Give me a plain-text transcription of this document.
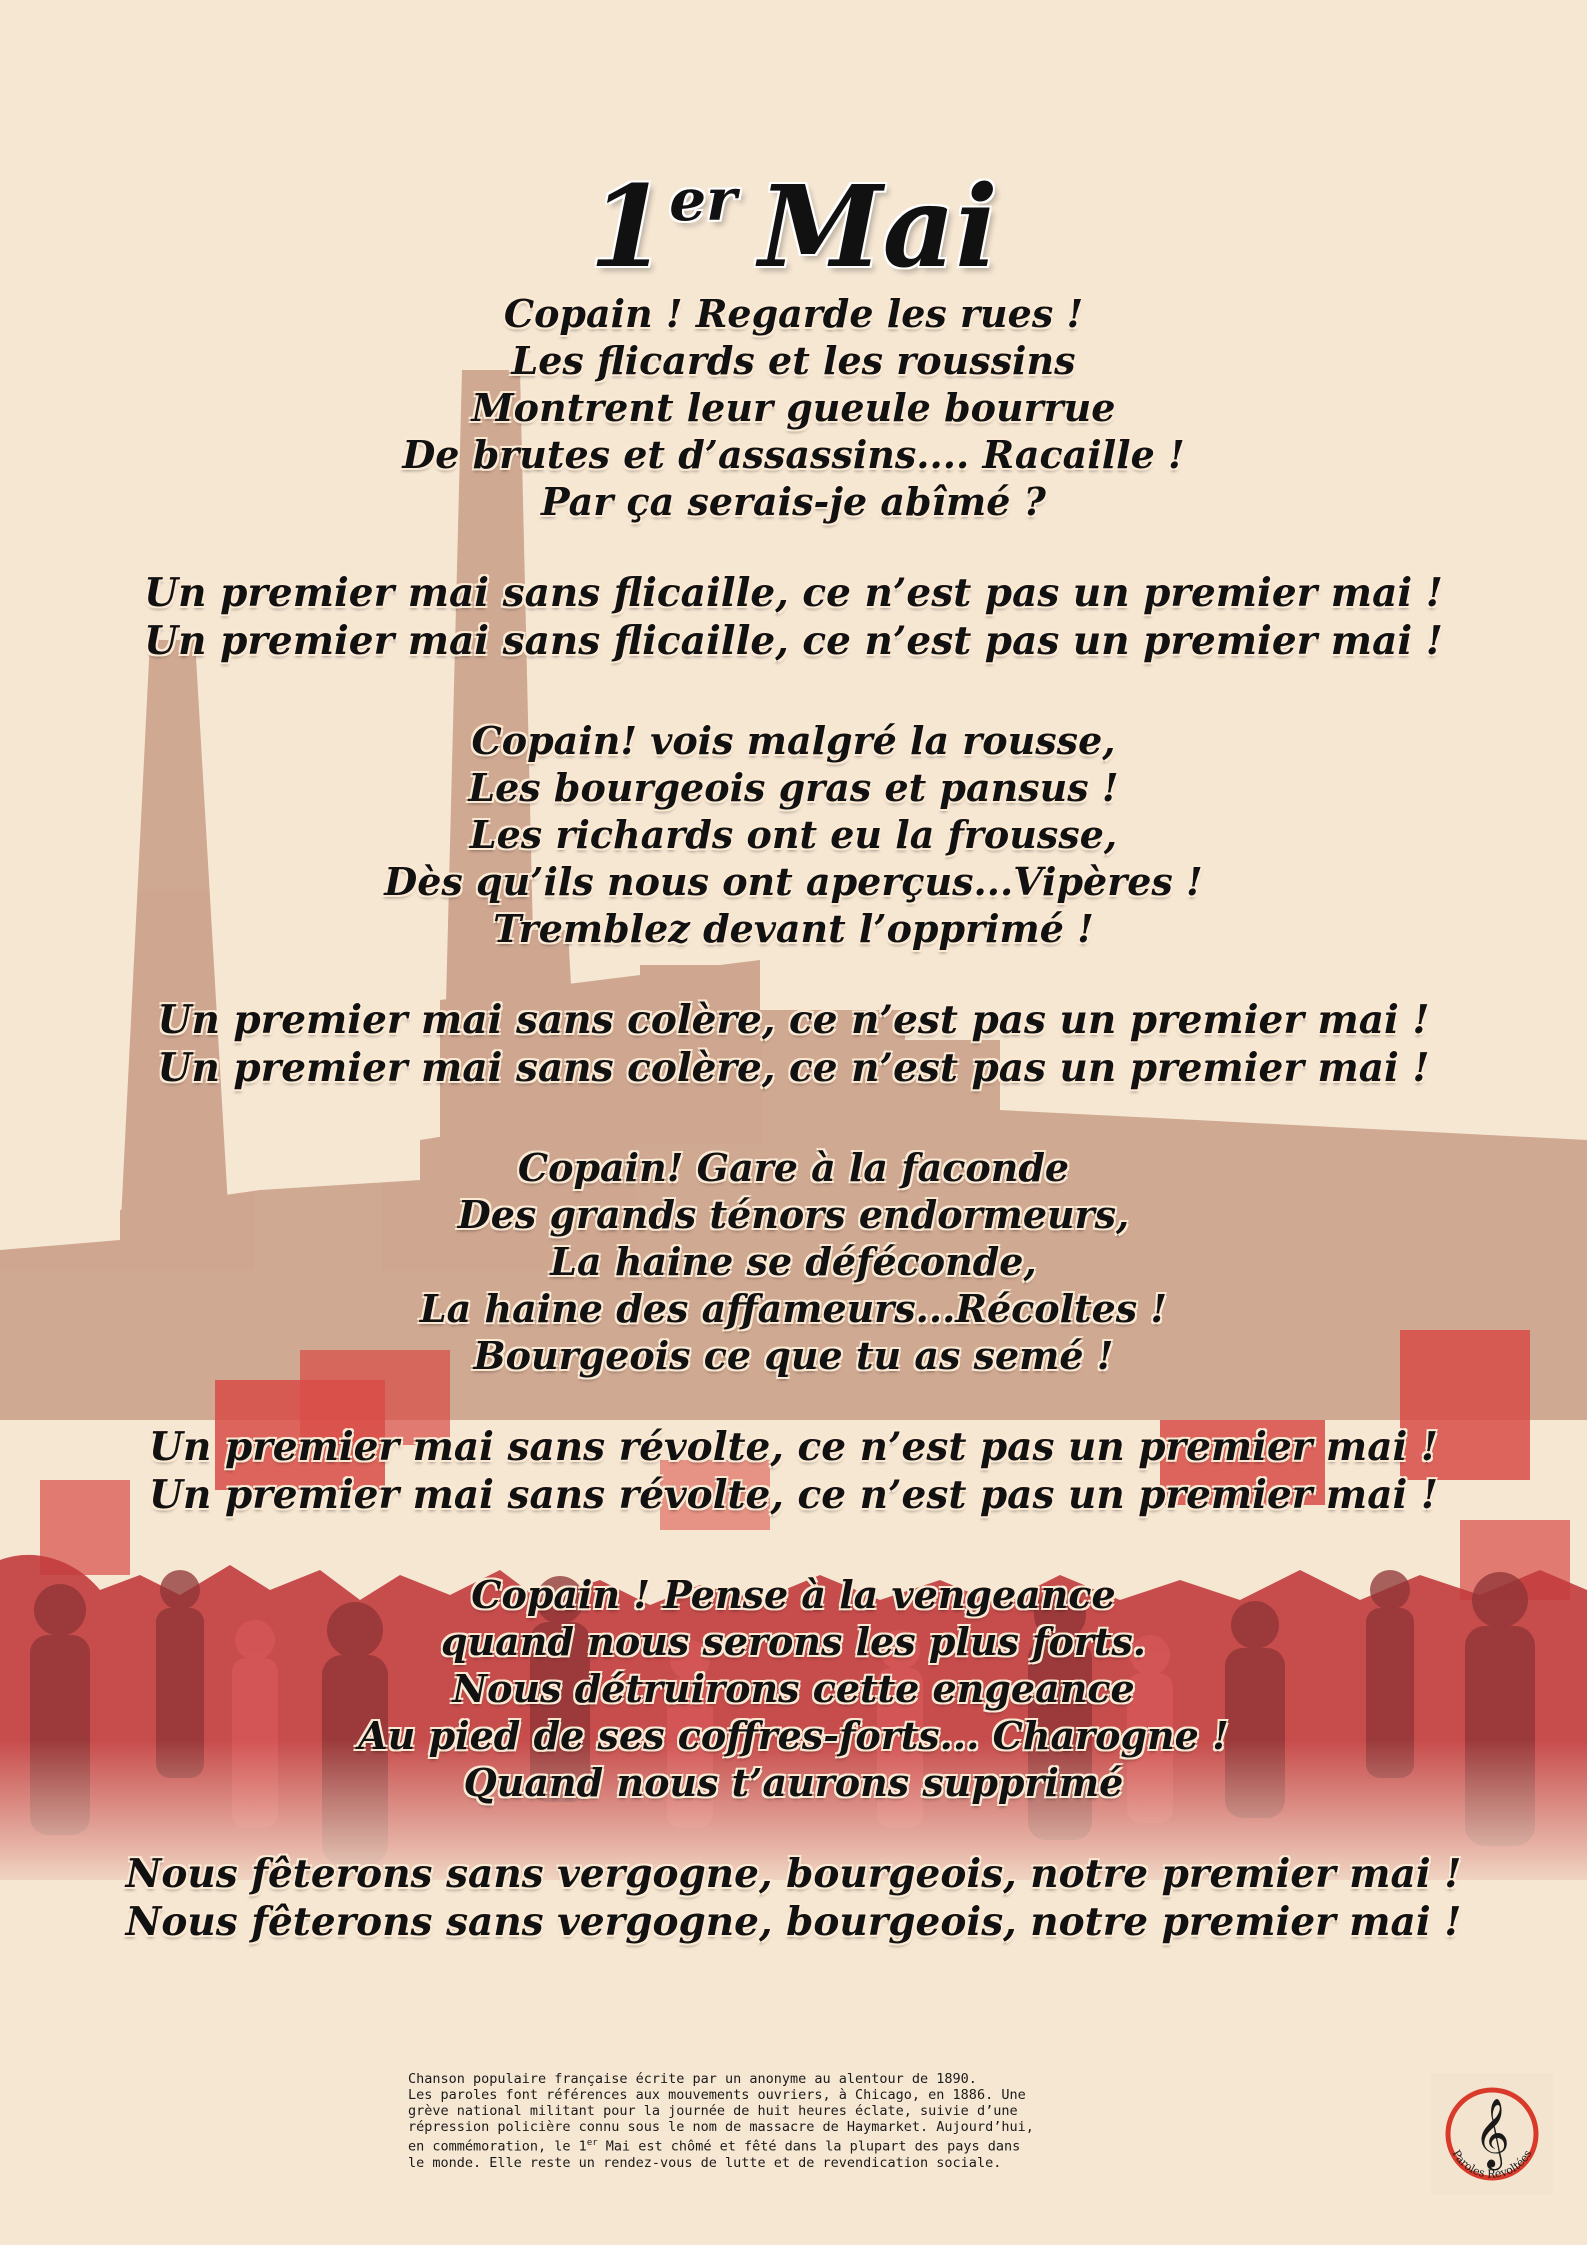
1er Mai
Copain ! Regarde les rues !
Les flicards et les roussins
Montrent leur gueule bourrue
De brutes et d’assassins.... Racaille !
Par ça serais-je abîmé ?
Un premier mai sans flicaille, ce n’est pas un premier mai !
Un premier mai sans flicaille, ce n’est pas un premier mai !
Copain! vois malgré la rousse,
Les bourgeois gras et pansus !
Les richards ont eu la frousse,
Dès qu’ils nous ont aperçus...Vipères !
Tremblez devant l’opprimé !
Un premier mai sans colère, ce n’est pas un premier mai !
Un premier mai sans colère, ce n’est pas un premier mai !
Copain! Gare à la faconde
Des grands ténors endormeurs,
La haine se déféconde,
La haine des affameurs...Récoltes !
Bourgeois ce que tu as semé !
Un premier mai sans révolte, ce n’est pas un premier mai !
Un premier mai sans révolte, ce n’est pas un premier mai !
Copain ! Pense à la vengeance
quand nous serons les plus forts.
Nous détruirons cette engeance
Au pied de ses coffres-forts... Charogne !
Quand nous t’aurons supprimé
Nous fêterons sans vergogne, bourgeois, notre premier mai !
Nous fêterons sans vergogne, bourgeois, notre premier mai !
Chanson populaire française écrite par un anonyme au alentour de 1890.
Les paroles font références aux mouvements ouvriers, à Chicago, en 1886. Une
grève national militant pour la journée de huit heures éclate, suivie d’une
répression policière connu sous le nom de massacre de Haymarket. Aujourd’hui,
en commémoration, le 1er Mai est chômé et fêté dans la plupart des pays dans
le monde. Elle reste un rendez-vous de lutte et de revendication sociale.	𝄞
Paroles Révoltées
